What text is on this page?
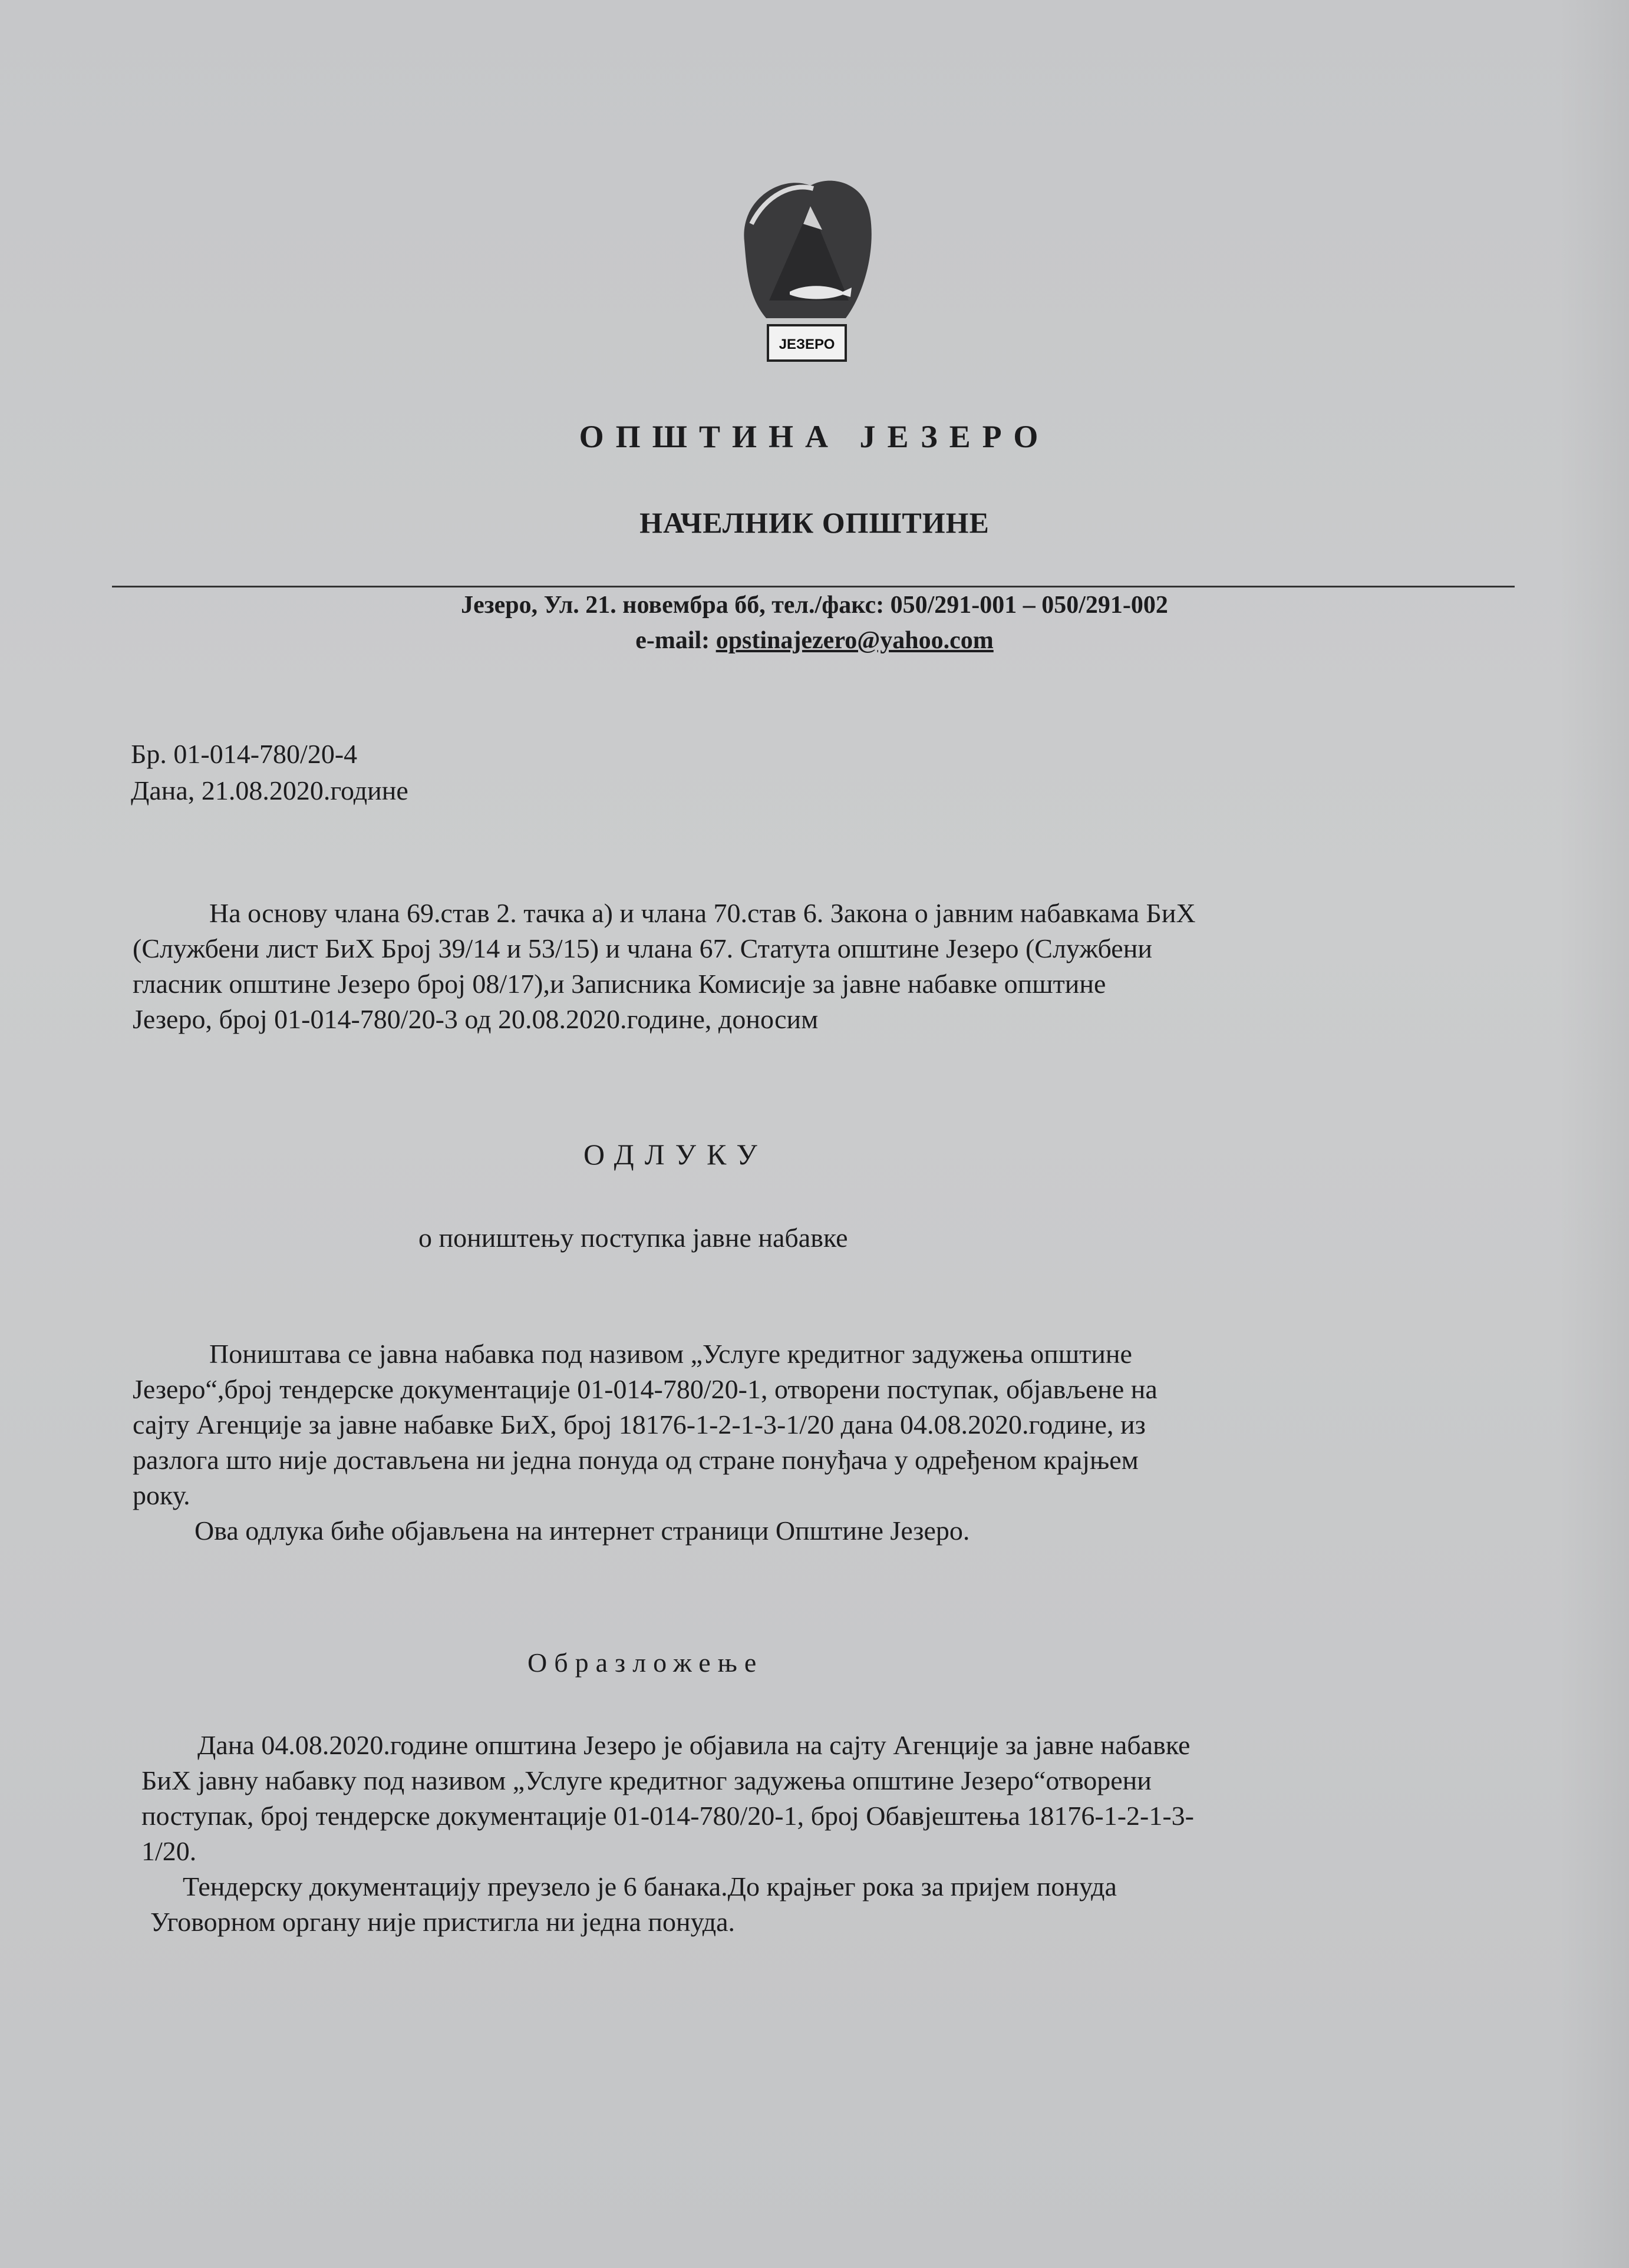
ЈЕЗЕРО
ОПШТИНА ЈЕЗЕРО
НАЧЕЛНИК ОПШТИНЕ
Језеро, Ул. 21. новембра бб, тел./факс: 050/291-001 – 050/291-002
e-mail: opstinajezero@yahoo.com
Бр. 01-014-780/20-4
Дана, 21.08.2020.године
На основу члана 69.став 2. тачка а) и члана 70.став 6. Закона о јавним набавкама БиХ
(Службени лист БиХ Број 39/14 и 53/15) и члана 67. Статута општине Језеро (Службени
гласник општине Језеро број 08/17),и Записника Комисије за јавне набавке општине
Језеро, број 01-014-780/20-3 од 20.08.2020.године, доносим
ОДЛУКУ
о поништењу поступка јавне набавке
Поништава се јавна набавка под називом „Услуге кредитног задужења општине
Језеро“,број тендерске документације 01-014-780/20-1, отворени поступак, објављене на
сајту Агенције за јавне набавке БиХ, број 18176-1-2-1-3-1/20 дана 04.08.2020.године, из
разлога што није достављена ни једна понуда од стране понуђача у одређеном крајњем
року.
Ова одлука биће објављена на интернет страници Општине Језеро.
Образложење
Дана 04.08.2020.године општина Језеро је објавила на сајту Агенције за јавне набавке
БиХ јавну набавку под називом „Услуге кредитног задужења општине Језеро“отворени
поступак, број тендерске документације 01-014-780/20-1, број Обавјештења 18176-1-2-1-3-
1/20.
Тендерску документацију преузело је 6 банака.До крајњег рока за пријем понуда
Уговорном органу није пристигла ни једна понуда.
